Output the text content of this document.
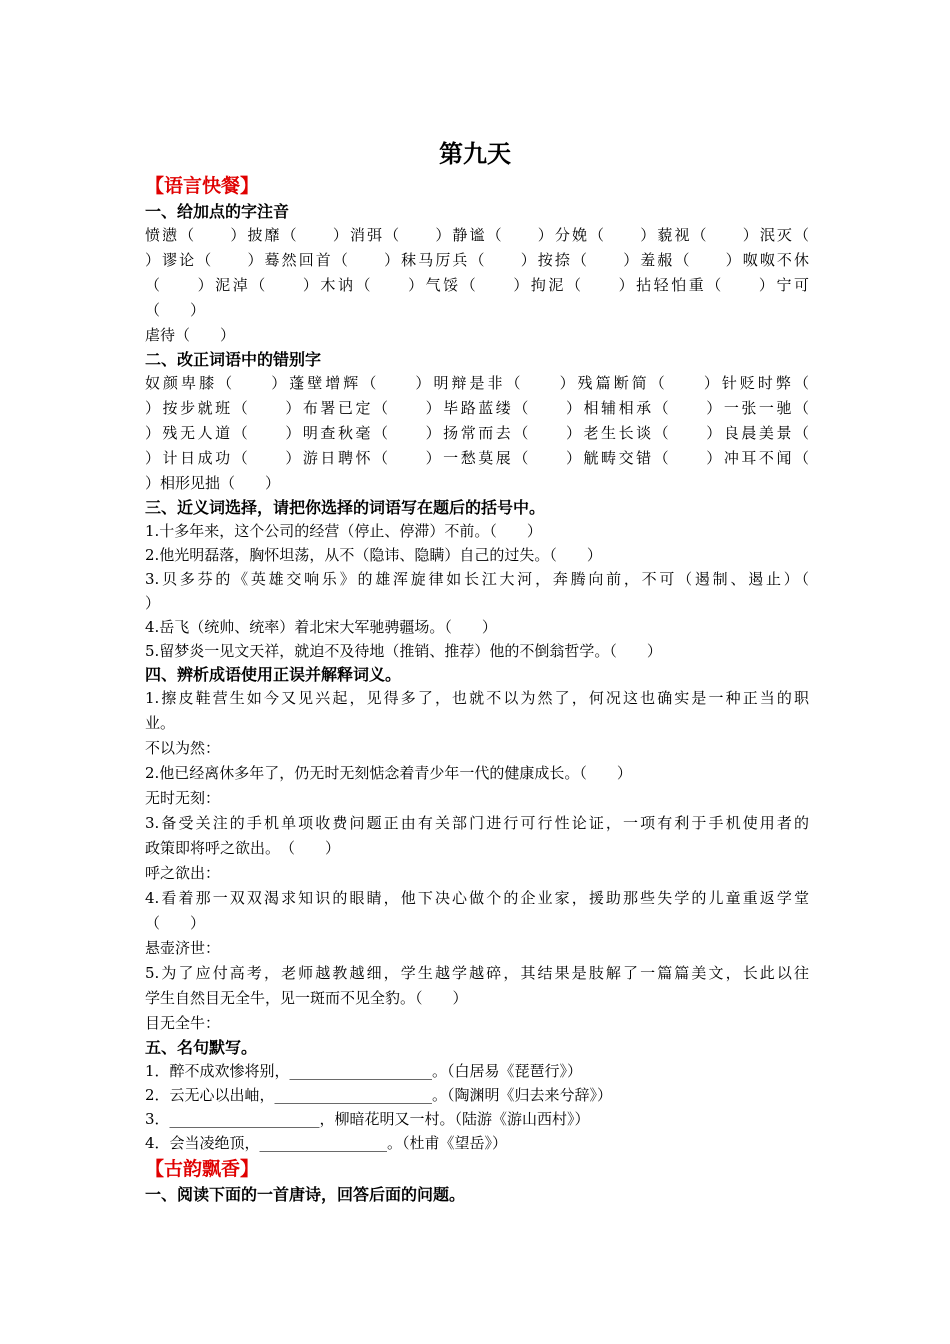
第九天
【语言快餐】
一、给加点的字注音
愤懑（　　）披靡（　　）消弭（　　）静谧（　　）分娩（　　）藐视（　　）泯灭（
）谬论（　　）蓦然回首（　　）秣马厉兵（　　）按捺（　　）羞赧（　　）呶呶不休
（　　）泥淖（　　）木讷（　　）气馁（　　）拘泥（　　）拈轻怕重（　　）宁可
（　　）
虐待（　　）
二、改正词语中的错别字
奴颜卑膝（　　）蓬壁增辉（　　）明辩是非（　　）残篇断简（　　）针贬时弊（
）按步就班（　　）布署已定（　　）毕路蓝缕（　　）相辅相承（　　）一张一驰（
）残无人道（　　）明查秋毫（　　）扬常而去（　　）老生长谈（　　）良晨美景（
）计日成功（　　）游日聘怀（　　）一愁莫展（　　）觥畴交错（　　）冲耳不闻（
）相形见拙（　　）
三、近义词选择，请把你选择的词语写在题后的括号中。
1.十多年来，这个公司的经营（停止、停滞）不前。（　　）
2.他光明磊落，胸怀坦荡，从不（隐讳、隐瞒）自己的过失。（　　）
3.贝多芬的《英雄交响乐》的雄浑旋律如长江大河，奔腾向前，不可（遏制、遏止）（
）
4.岳飞（统帅、统率）着北宋大军驰骋疆场。（　　）
5.留梦炎一见文天祥，就迫不及待地（推销、推荐）他的不倒翁哲学。（　　）
四、辨析成语使用正误并解释词义。
1.擦皮鞋营生如今又见兴起，见得多了，也就不以为然了，何况这也确实是一种正当的职
业。
不以为然：
2.他已经离休多年了，仍无时无刻惦念着青少年一代的健康成长。（　　）
无时无刻：
3.备受关注的手机单项收费问题正由有关部门进行可行性论证，一项有利于手机使用者的
政策即将呼之欲出。　（　　）
呼之欲出：
4.看着那一双双渴求知识的眼睛，他下决心做个的企业家，援助那些失学的儿童重返学堂
（　　）
悬壶济世：
5.为了应付高考，老师越教越细，学生越学越碎，其结果是肢解了一篇篇美文，长此以往
学生自然目无全牛，见一斑而不见全豹。（　　）
目无全牛：
五、名句默写。
1．醉不成欢惨将别，___________________。（白居易《琵琶行》）
2．云无心以出岫，_____________________。（陶渊明《归去来兮辞》）
3．____________________，柳暗花明又一村。（陆游《游山西村》）
4．会当凌绝顶，_________________。（杜甫《望岳》）
【古韵飘香】
一、阅读下面的一首唐诗，回答后面的问题。
